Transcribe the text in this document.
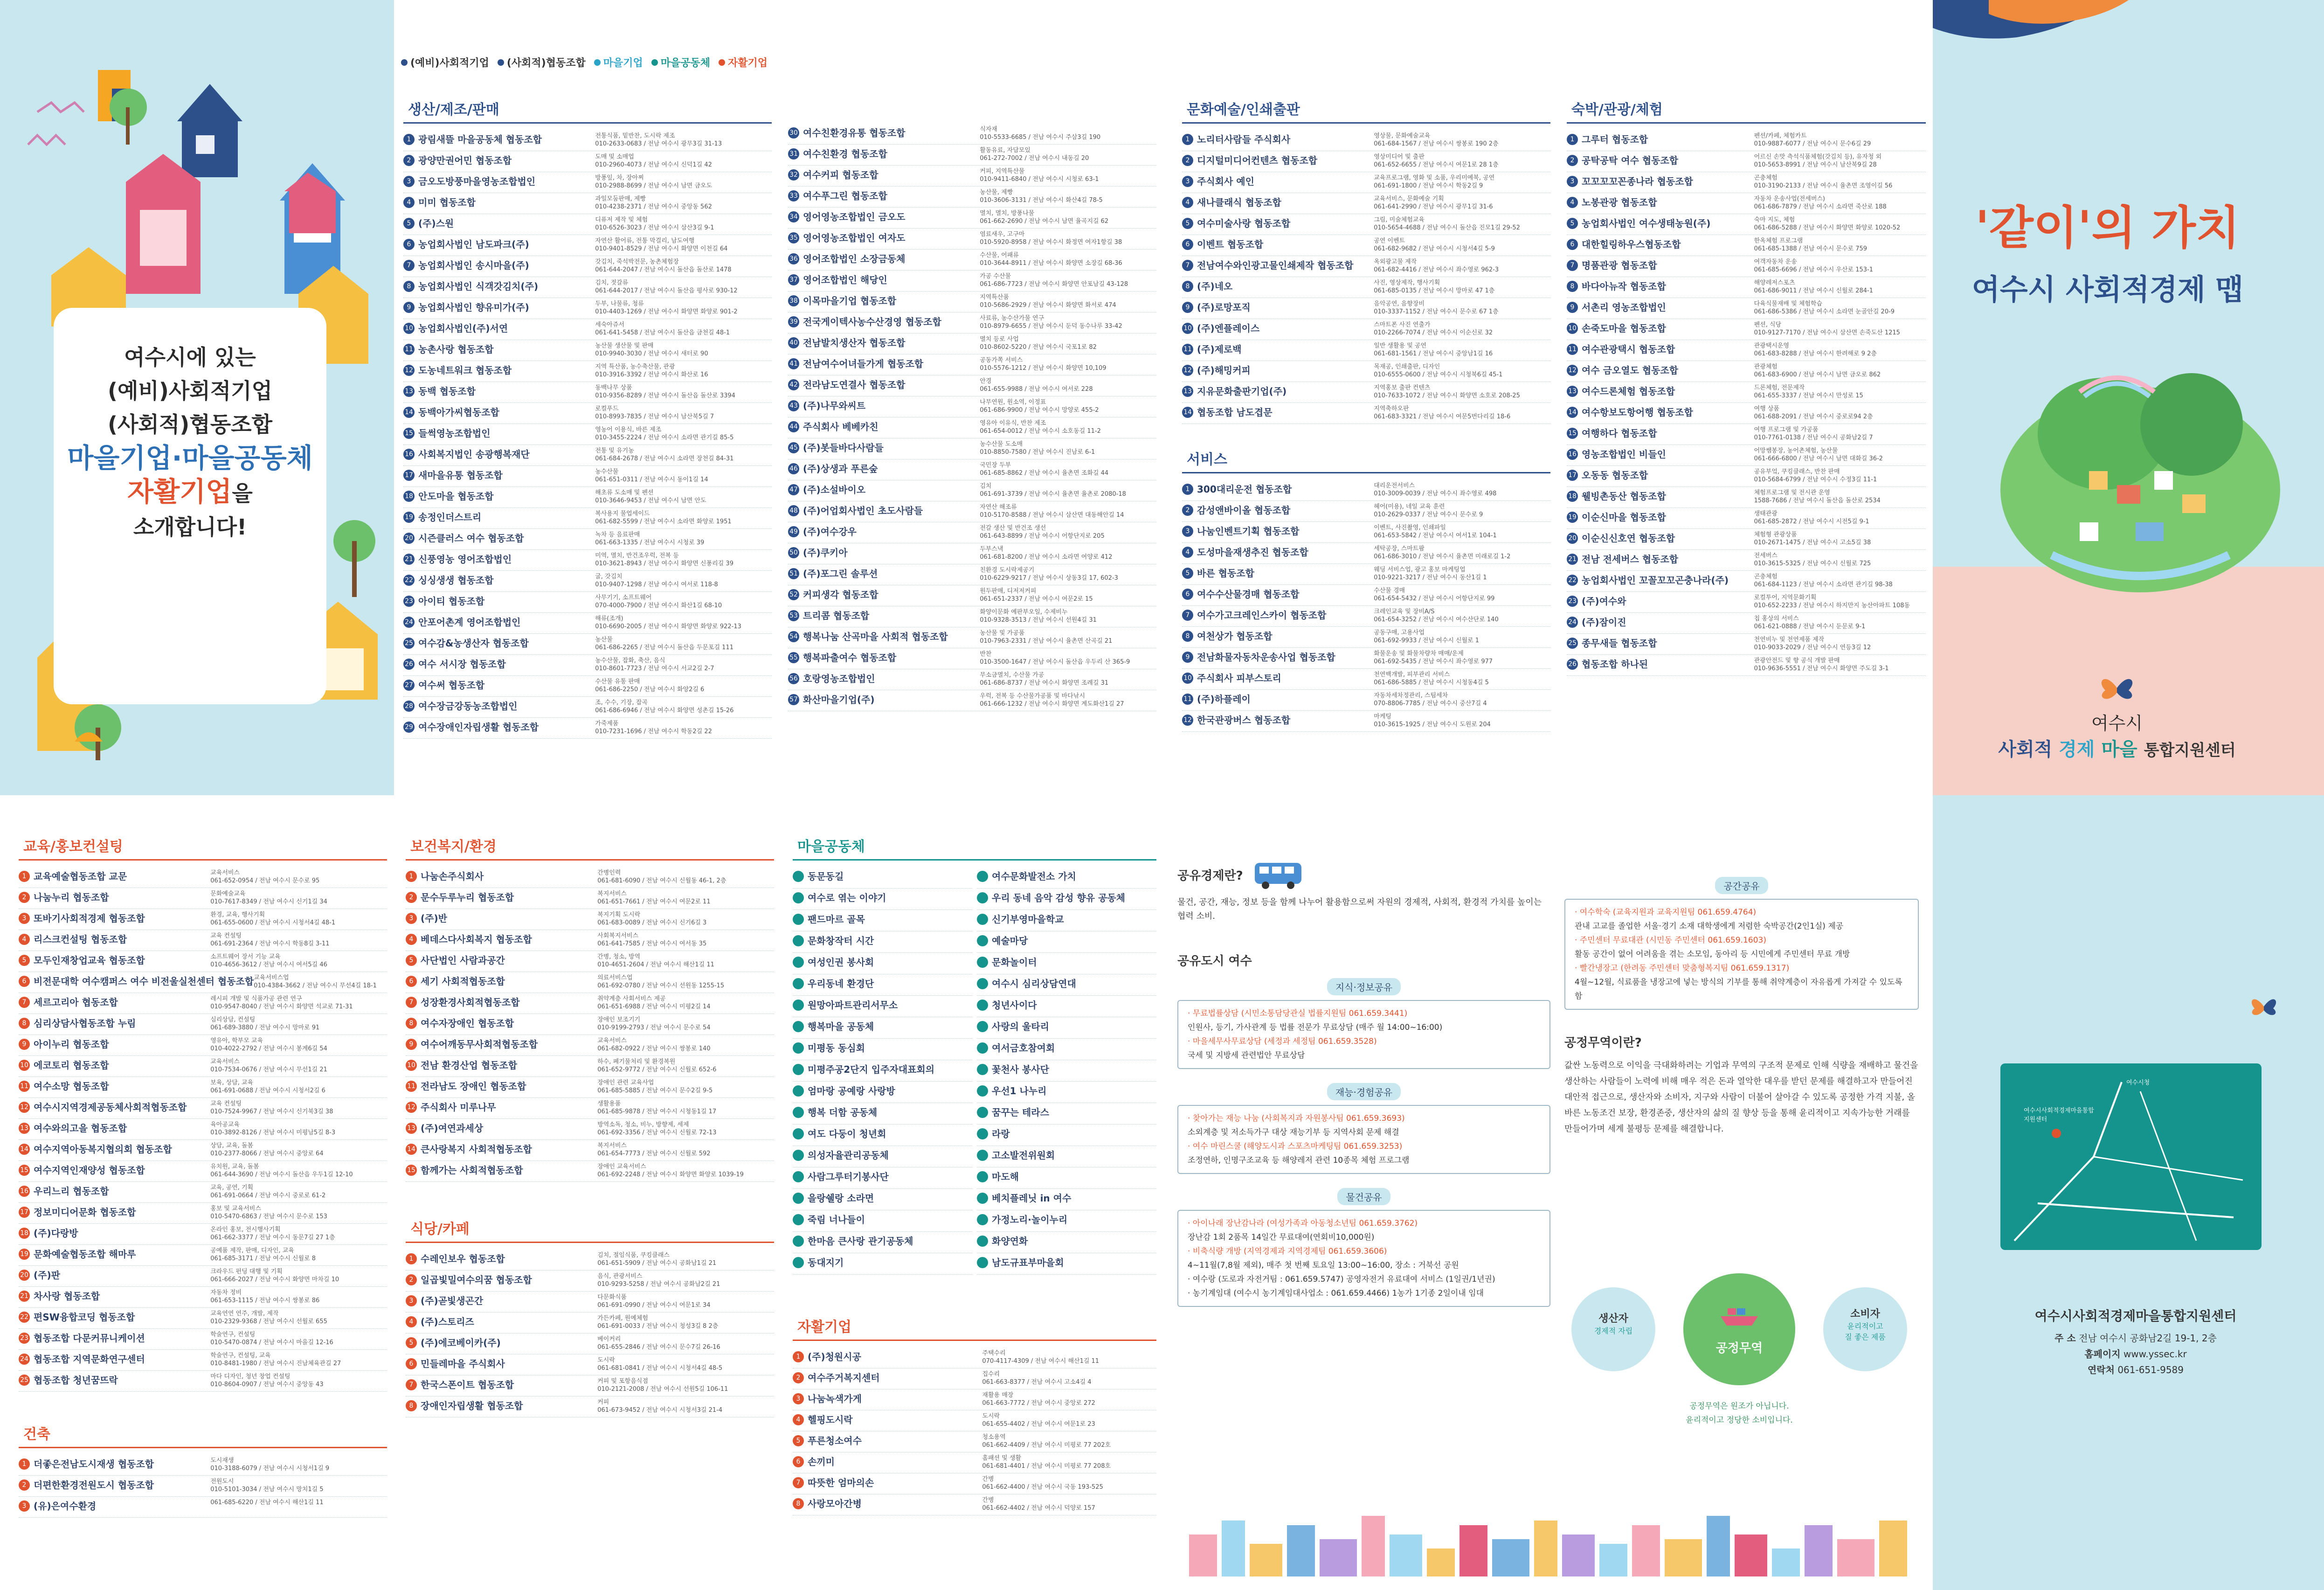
여수시에 있는
(예비)사회적기업
(사회적)협동조합
마을기업·마을공동체
자활기업을
소개합니다!
(예비)사회적기업 (사회적)협동조합 마을기업 마을공동체 자활기업
생산/제조/판매
1 광림새뜰 마을공동체 협동조합	전통식품, 밑반찬, 도시락 제조
010-2633-0683 / 전남 여수시 광무3길 31-13
2 광양만권어민 협동조합	도매 및 소매업
010-2960-4073 / 전남 여수시 신덕1길 42
3 금오도방풍마을영농조합법인	방풍잎, 차, 장아찌
010-2988-8699 / 전남 여수시 남면 금오도
4 미미 협동조합	과일모둠판매, 제빵
010-4238-2371 / 전남 여수시 중앙동 562
5 (주)스원	디퓨저 제작 및 체험
010-6526-3023 / 전남 여수시 삼산3길 9-1
6 농업회사법인 남도파크(주)	자연산 활어류, 전통 막걸리, 남도여행
010-9401-8529 / 전남 여수시 화양면 이천길 64
7 농업회사법인 송시마을(주)	갓김치, 죽석박전문, 농촌체험장
061-644-2047 / 전남 여수시 돌산읍 돌산로 1478
8 농업회사법인 식객갓김치(주)	김치, 젓갈류
061-644-2017 / 전남 여수시 돌산읍 평사로 930-12
9 농업회사법인 향유미가(주)	두부, 나물류, 청류
010-4403-1269 / 전남 여수시 화양면 화양로 901-2
10 농업회사법인(주)서연	세숙아쥬서
061-641-5458 / 전남 여수시 돌산읍 금천길 48-1
11 농촌사랑 협동조합	농산물 생산물 및 판매
010-9940-3030 / 전남 여수시 새터로 90
12 도농네트워크 협동조합	지역 특산품, 농수축산물, 관광
010-3916-3392 / 전남 여수시 화산로 16
13 동백 협동조합	동백나무 상품
010-9356-8289 / 전남 여수시 돌산읍 돌산로 3394
14 동백아가씨협동조합	로컬푸드
010-8993-7835 / 전남 여수시 남산북5길 7
15 들썩영농조합법인	영농어 이용식, 바른 제조
010-3455-2224 / 전남 여수시 소라면 관기길 85-5
16 사회복지법인 송광행복재단	전통 및 유기농
061-684-2678 / 전남 여수시 소라면 장천길 84-31
17 새마을유통 협동조합	농수산물
061-651-0311 / 전남 여수시 동이1길 14
18 안도마을 협동조합	해초류 도소매 및 펜션
010-3646-9453 / 전남 여수시 남면 안도
19 송정인더스트리	복사용지 물업세이드
061-682-5599 / 전남 여수시 소라면 화양로 1951
20 시즌클러스 여수 협동조합	녹차 등 음료판매
061-663-1335 / 전남 여수시 시청로 39
21 신풍영농 영어조합법인	미역, 멸치, 반건조우럭, 전복 등
010-3621-8943 / 전남 여수시 화양면 신풍리길 39
22 싱싱생생 협동조합	굴, 갓김치
010-9407-1298 / 전남 여수시 여서로 118-8
23 아이티 협동조합	사무기기, 소프트웨어
070-4000-7900 / 전남 여수시 화산1길 68-10
24 안포어촌계 영어조합법인	해류(조개)
010-6690-2005 / 전남 여수시 화양면 화양로 922-13
25 여수감&농생산자 협동조합	농산물
061-686-2265 / 전남 여수시 돌산읍 두문포길 111
26 여수 서시장 협동조합	농수산물, 잡화, 축산, 음식
010-8601-7723 / 전남 여수시 서교2길 2-7
27 여수써 협동조합	수산물 유통 판매
061-686-2250 / 전남 여수시 화양2길 6
28 여수장금강동농조합법인	조, 수수, 기장, 잡곡
061-686-6946 / 전남 여수시 화양면 성촌길 15-26
29 여수장애인자립생활 협동조합	가죽제품
010-7231-1696 / 전남 여수시 학동2길 22
30 여수친환경유통 협동조합	식자재
010-5533-6685 / 전남 여수시 주삼3길 190
31 여수친환경 협동조합	활동유료, 자담모있
061-272-7002 / 전남 여수시 내동길 20
32 여수커피 협동조합	커피, 지역특산물
010-9411-6840 / 전남 여수시 시청로 63-1
33 여수푸그린 협동조합	농산물, 제빵
010-3606-3131 / 전남 여수시 화산4길 78-5
34 영어영농조합법인 금오도	멸치, 멸치, 방풍나물
061-662-2690 / 전남 여수시 남면 율곡지길 62
35 영어영농조합법인 여자도	염료새우, 고구마
010-5920-8958 / 전남 여수시 화정면 여자1항길 38
36 영어조합법인 소장금동체	수산물, 어패류
010-3644-8911 / 전남 여수시 화양면 소장길 68-36
37 영어조합법인 해당인	가공 수산물
061-686-7723 / 전남 여수시 화양면 안포남길 43-128
38 이목마을기업 협동조합	지역특산품
010-5686-2929 / 전남 여수시 화양면 화서로 474
39 전국게이텍사농수산경영 협동조합	사료류, 농수산가물 연구
010-8979-6655 / 전남 여수시 둔덕 동수나루 33-42
40 전남발치생산자 협동조합	멸치 등로 사업
010-8602-5220 / 전남 여수시 국포1로 82
41 전남여수어녀들가게 협동조합	공동가쪽 서비스
010-5576-1212 / 전남 여수시 화양면 10,109
42 전라남도연결사 협동조합	안경
061-655-9988 / 전남 여수시 여서로 228
43 (주)나무와씨트	나무연원, 원소역, 이정표
061-686-9900 / 전남 여수시 망양로 455-2
44 주식회사 베베카친	영유아 이유식, 반찬 제조
061-654-0012 / 전남 여수시 소호동길 11-2
45 (주)봇들바다사람들	농수산물 도소매
010-8850-7580 / 전남 여수시 진남로 6-1
46 (주)상생과 푸른숲	국민장 두부
061-685-8862 / 전남 여수시 율촌면 조화길 44
47 (주)소설바이오	김치
061-691-3739 / 전남 여수시 율촌면 율촌로 2080-18
48 (주)어업회사법인 초도사람들	자연산 해조류
010-5170-8588 / 전남 여수시 삼산면 대동해안길 14
49 (주)여수강우	전갈 생산 및 반건조 생선
061-643-8899 / 전남 여수시 어항단지로 205
50 (주)쿠키아	두부스낵
061-681-8200 / 전남 여수시 소라면 여양로 412
51 (주)포그린 솔루션	친환경 도시락제공기
010-6229-9217 / 전남 여수시 상동3길 17, 602-3
52 커피생각 협동조합	원두판매, 디저저커피
061-651-2337 / 전남 여수시 여문2로 15
53 트리콤 협동조합	화양이문화 예판부오일, 수제비누
010-9328-3513 / 전남 여수시 선원4길 31
54 행복나눔 산곡마을 사회적 협동조합	농산물 및 가공품
010-7963-2331 / 전남 여수시 율촌면 산곡길 21
55 행복파출여수 협동조합	반찬
010-3500-1647 / 전남 여수시 돌산읍 우두리 산 365-9
56 호랑영농조합법인	무소금멸치, 수산물 가공
061-686-8737 / 전남 여수시 화양면 조례길 31
57 화산마을기업(주)	우럭, 전복 등 수산물가공품 및 바다낚시
061-666-1232 / 전남 여수시 화양면 계도화산1길 27
문화예술/인쇄출판
1 노리터사람들 주식회사	영상물, 문화예술교육
061-684-1567 / 전남 여수시 쌍봉로 190 2층
2 디지털미디어컨텐츠 협동조합	영상미디어 및 출판
061-652-6655 / 전남 여수시 여문1로 28 1층
3 주식회사 예인	교육프로그램, 영화 및 소품, 우리미예북, 공연
061-691-1800 / 전남 여수시 학동2길 9
4 새나클래식 협동조합	교육서비스, 문화예술 기획
061-641-2990 / 전남 여수시 광무1길 31-6
5 여수미술사랑 협동조합	그림, 미술체험교육
010-5654-4688 / 전남 여수시 돌산읍 진모1길 29-52
6 이벤트 협동조합	공연 이벤트
061-682-9682 / 전남 여수시 시청서4길 5-9
7 전남여수와인광고물인쇄제작 협동조합	옥외광고물 제작
061-682-4416 / 전남 여수시 좌수영로 962-3
8 (주)네오	사진, 영상제작, 행사기획
061-685-0135 / 전남 여수시 망마로 47 1층
9 (주)로망포직	음악공연, 음향장비
010-3337-1152 / 전남 여수시 문수로 67 1층
10 (주)엔플레이스	스마트폰 사진 연출가
010-2266-7074 / 전남 여수시 이순신로 32
11 (주)제로백	일반 생활용 및 공연
061-681-1561 / 전남 여수시 중앙남1길 16
12 (주)해밍커피	목재공, 인쇄출판, 디자인
010-6555-0600 / 전남 여수시 시청북6길 45-1
13 지유문화출판기업(주)	지역홍보 출판 컨텐츠
010-7633-1072 / 전남 여수시 화양면 소호로 208-25
14 협동조합 남도겹문	지역축하오판
061-683-3321 / 전남 여수시 여문5번다리길 18-6
서비스
1 300대리운전 협동조합	대리운전서비스
010-3009-0039 / 전남 여수시 좌수영로 498
2 감성앤바이올 협동조합	헤어(미용), 네일 교육 훈련
010-2629-0337 / 전남 여수시 문수로 9
3 나눔인벤트기획 협동조합	이벤트, 사진촬영, 인쇄파일
061-653-5842 / 전남 여수시 여서1로 104-1
4 도성마을재생추진 협동조합	세탁공장, 스마트팜
061-686-3010 / 전남 여수시 율촌면 미래로길 1-2
5 바른 협동조합	웨딩 서비스업, 광고 홍보 마케팅업
010-9221-3217 / 전남 여수시 동산1길 1
6 여수수산물경매 협동조합	수산물 경매
061-654-5432 / 전남 여수시 어항단지로 99
7 여수가고크레인스카이 협동조합	크레인교육 및 장비A/S
061-654-3252 / 전남 여수시 여수산단로 140
8 여천상가 협동조합	공동구매, 고용사업
061-692-9933 / 전남 여수시 신월로 1
9 전남화물자동차운송사업 협동조합	화물운송 및 화물차량차 매매/운제
061-692-5435 / 전남 여수시 좌수영로 977
10 주식회사 피부스토리	천연백개발, 피부관리 서비스
061-686-5885 / 전남 여수시 시청동4길 5
11 (주)하플레이	자동차세차정관리, 스팀세차
070-8806-7785 / 전남 여수시 중산7길 4
12 한국관광버스 협동조합	마케팅
010-3615-1925 / 전남 여수시 도원로 204
숙박/관광/체험
1 그루터 협동조합	펜션/카페, 체험카트
010-9887-6077 / 전남 여수시 문수6길 29
2 공탁공탁 여수 협동조합	어르신 손맛 측석식품체험(갓김치 등), 유자청 외
010-5653-8991 / 전남 여수시 남산북9길 28
3 꼬꼬꼬꼬꼰종나라 협동조합	곤충체험
010-3190-2133 / 전남 여수시 율촌면 조영이길 56
4 노봉관광 협동조합	자동차 운송사업(전세버스)
061-686-7879 / 전남 여수시 소라면 죽산로 188
5 농업회사법인 여수생태농원(주)	숙마 지도, 체험
061-686-5288 / 전남 여수시 화양면 화양로 1020-52
6 대한힐링하우스협동조합	한옥체험 프로그램
061-685-1388 / 전남 여수시 문수로 759
7 명품관광 협동조합	여객자동차 운송
061-685-6696 / 전남 여수시 우산로 153-1
8 바다아뉴작 협동조합	해양레저스포츠
061-686-9011 / 전남 여수시 신월로 284-1
9 서촌리 영농조합법인	다육식물재배 및 체험학습
061-686-5386 / 전남 여수시 소라면 눈골안길 20-9
10 손죽도마을 협동조합	펜션, 식당
010-9127-7170 / 전남 여수시 삼산면 손죽도산 1215
11 여수관광택시 협동조합	관광택시운영
061-683-8288 / 전남 여수시 한려해로 9 2층
12 여수 금오열도 협동조합	관광체험
061-683-6900 / 전남 여수시 남면 금오로 862
13 여수드론체험 협동조합	드론체험, 전문제작
061-655-3337 / 전남 여수시 만성로 15
14 여수항보도항어행 협동조합	여행 상품
061-688-2091 / 전남 여수시 중로로94 2층
15 여행하다 협동조합	여행 프로그램 및 가공품
010-7761-0138 / 전남 여수시 공화남2길 7
16 영농조합법인 비들인	어망쌤봉장, 농어촌체험, 농산물
061-666-6800 / 전남 여수시 남면 대화길 36-2
17 오동동 협동조합	공유부엌, 쿠킹클래스, 반찬 판매
010-5684-6799 / 전남 여수시 수정3길 11-1
18 웰빙촌동산 협동조합	체험프로그램 및 전시관 운영
1588-7686 / 전남 여수시 돌산읍 돌산로 2534
19 이순신마을 협동조합	생태관광
061-685-2872 / 전남 여수시 시전5길 9-1
20 이순신신호연 협동조합	체험형 관광상품
010-2671-1475 / 전남 여수시 고소5길 38
21 전남 전세버스 협동조합	전세버스
010-3615-5325 / 전남 여수시 신월로 725
22 농업회사법인 꼬꼴꼬꼬곤충나라(주)	곤충체험
061-684-1123 / 전남 여수시 소라면 관기길 98-38
23 (주)여수와	로컬투어, 지역문화기획
010-652-2233 / 전남 여수시 하지만지 농산아파트 108동
24 (주)잠이진	칩 홍상의 서비스
061-621-0888 / 전남 여수시 둔문로 9-1
25 종무새들 협동조합	천연비누 및 천연제품 제작
010-9033-2029 / 전남 여수시 연등3길 12
26 협동조합 하나된	관광안전드 및 향 공식 개발 판매
010-9636-5551 / 전남 여수시 화양면 주도길 3-1
교육/홍보컨설팅
1 교육예술협동조합 교문	교육서비스
061-652-0954 / 전남 여수시 문수로 95
2 나눔누리 협동조합	문화예술교육
010-7617-8349 / 전남 여수시 신기1길 34
3 또바기사회적경제 협동조합	환경, 교육, 행사기획
061-655-0600 / 전남 여수시 시청서4길 48-1
4 리스크컨설팅 협동조합	교육 컨설팅
061-691-2364 / 전남 여수시 학동8길 3-11
5 모두인재창업교육 협동조합	소프트웨어 장서 기능 교육
010-4656-3612 / 전남 여수시 여서5길 46
6 비전문대학 여수캠퍼스 여수 비전울실천센터 협동조합 교육서비스업
010-4384-3662 / 전남 여수시 무선4길 18-1
7 세르고리아 협동조합	레시피 개발 및 식품가공 관련 연구
010-9547-8040 / 전남 여수시 화양면 석교로 71-31
8 심리상담사협동조합 누림	심리상담, 컨설팅
061-689-3880 / 전남 여수시 망마로 91
9 아이누리 협동조합	영유아, 학부모 교육
010-4022-2792 / 전남 여수시 봉계6길 54
10 에코토리 협동조합	교육서비스
010-7534-0676 / 전남 여수시 무선1길 21
11 여수소망 협동조합	보육, 상담, 교육
061-691-0688 / 전남 여수시 시청서2길 6
12 여수시지역경제공동체사회적협동조합	교육 컨설팅
010-7524-9967 / 전남 여수시 신기북3길 38
13 여수와의고을 협동조합	육아공교육
010-3892-8126 / 전남 여수시 미평남5길 8-3
14 여수지역아동복지협의회 협동조합	상담, 교육, 돌봄
010-2377-8066 / 전남 여수시 중앙로 64
15 여수지역인재양성 협동조합	유치원, 교육, 돌봄
061-644-3690 / 전남 여수시 돌산읍 우두1길 12-10
16 우리느리 협동조합	교육, 공연, 기획
061-691-0664 / 전남 여수시 중로로 61-2
17 정보미디어문화 협동조합	홍보 및 교육서비스
010-5470-6863 / 전남 여수시 문수로 153
18 (주)다랑방	온라인 홍보, 전시행사기획
061-662-3377 / 전남 여수시 동문7길 27 1층
19 문화예술협동조합 해마루	공예품 제작, 판매, 디자인, 교육
061-685-3171 / 전남 여수시 신월로 8
20 (주)판	크라우드 펀딩 대행 및 기획
061-666-2027 / 전남 여수시 화양면 마차길 10
21 차사랑 협동조합	자동차 정비
061-653-1115 / 전남 여수시 쌍봉로 86
22 편SW융합코딩 협동조합	교육연연 연주, 개발, 제작
010-2329-9368 / 전남 여수시 선월로 655
23 협동조합 다문커뮤니케이션	학술연구, 컨설팅
010-5470-0874 / 전남 여수시 마을길 12-16
24 협동조합 지역문화연구센터	학술연구, 컨설팅, 교육
010-8481-1980 / 전남 여수시 진남체육관길 27
25 협동조합 청년꿈뜨락	마다 디자인, 청년 창업 컨설팅
010-8604-0907 / 전남 여수시 중앙동 43
건축
1 더좋은전남도시재생 협동조합	도시재생
010-3188-6079 / 전남 여수시 시청서1길 9
2 더편한환경전원도시 협동조합	전원도시
010-5101-3034 / 전남 여수시 망치1길 5
3 (유)은여수환경	061-685-6220 / 전남 여수시 해산1길 11
보건복지/환경
1 나눔손주식회사	간병인력
061-681-6090 / 전남 여수시 신월동 46-1, 2층
2 문수두루누리 협동조합	복지서비스
061-651-7661 / 전남 여수시 여문2로 11
3 (주)반	복지기획 도시락
061-683-0089 / 전남 여수시 신기6길 3
4 베데스다사회복지 협동조합	사회복지서비스
061-641-7585 / 전남 여수시 여서동 35
5 사단법인 사람과공간	간병, 청소, 방역
010-4651-2604 / 전남 여수시 해산1길 11
6 세기 사회적협동조합	의료서비스업
061-692-0780 / 전남 여수시 선원동 1255-15
7 성장환경사회적협동조합	취약계층 사회서비스 제공
061-651-6988 / 전남 여수시 미평2길 14
8 여수자장애인 협동조합	장애인 보조기기
010-9199-2793 / 전남 여수시 문수로 54
9 여수어깨동무사회적협동조합	교육서비스
061-682-0922 / 전남 여수시 쌍봉로 140
10 전남 환경산업 협동조합	하수, 폐기물처리 및 환경복원
061-652-9772 / 전남 여수시 신월로 652-6
11 전라남도 장애인 협동조합	장애인 관련 교육사업
061-685-5885 / 전남 여수시 문수2길 9-5
12 주식회사 미루나무	생활용품
061-685-9878 / 전남 여수시 시청동1길 17
13 (주)여연과세상	방역소독, 청소, 비누, 방향제, 세제
061-692-3356 / 전남 여수시 신월로 72-13
14 큰사랑복지 사회적협동조합	복지서비스
061-654-7773 / 전남 여수시 신월로 592
15 함께가는 사회적협동조합	장애인 교육서비스
061-692-2248 / 전남 여수시 화양면 화양로 1039-19
식당/카페
1 수레인보우 협동조합	김치, 절임식품, 쿠킹클래스
061-651-5909 / 전남 여수시 공화남1길 21
2 일곱빛밀여수의꿈 협동조합	음식, 관광서비스
010-9293-5258 / 전남 여수시 공화남2길 21
3 (주)곧빛생곤간	다문화식품
061-691-0990 / 전남 여수시 여문1로 34
4 (주)스토리즈	가든카페, 원예체험
061-691-0033 / 전남 여수시 청성3길 8 2층
5 (주)에코베이카(주)	베이커리
061-655-2846 / 전남 여수시 문수7길 26-16
6 민들레마을 주식회사	도시락
061-681-0841 / 전남 여수시 시청서4길 48-5
7 한국스폰이트 협동조합	커피 및 포항음식점
010-2121-2008 / 전남 여수시 선원5길 106-11
8 장애인자립생활 협동조합	커피
061-673-9452 / 전남 여수시 시청서3길 21-4
마을공동체
동문동길
여수로 엮는 이야기
팬드마르 골목
문화창작터 시간
여성인권 봉사회
우리동네 환경단
원망아파트관리서무소
행복마을 공동체
미평동 동심회
미평주공2단지 입주자대표회의
엄마랑 공예랑 사랑방
행복 더함 공동체
여도 다둥이 청년회
의성자율관리공동체
사람그루터기봉사단
을랑쉘랑 소라면
죽림 너나들이
한마음 큰사랑 관기공동체
동대지기
여수문화발전소 가치
우리 동네 음악 감성 향유 공동체
신기부영마을학교
예술마당
문화놀이터
여수시 심리상담연대
청년사이다
사랑의 울타리
여서금호참여회
꽃천사 봉사단
우선1 나누리
꿈꾸는 테라스
라랑
고소발전위원회
마도해
베치플레닛 in 여수
가정노리·놀이누리
화양연화
남도규표부마을회
자활기업
1 (주)청원시공	주택수리
070-4117-4309 / 전남 여수시 해산1길 11
2 여수주거복지센터	집수리
061-663-8377 / 전남 여수시 고소4길 4
3 나눔녹색가게	재활용 매장
061-663-7772 / 전남 여수시 중앙로 272
4 헬핑도시락	도시락
061-655-4402 / 전남 여수시 여문1로 23
5 푸른청소여수	청소용역
061-662-4409 / 전남 여수시 미평로 77 202호
6 손끼미	홈패션 및 생활
061-681-4401 / 전남 여수시 미평로 77 208호
7 따뜻한 엄마의손	간병
061-662-4400 / 전남 여수시 국동 193-525
8 사랑모아간병	간병
061-662-4402 / 전남 여수시 덕양로 157
'같이'의 가치
여수시 사회적경제 맵
여수시
사회적 경제 마을 통합지원센터
공유경제란?
물건, 공간, 재능, 정보 등을 함께 나누어 활용함으로써 자원의 경제적, 사회적, 환경적 가치를 높이는 협력 소비.
공유도시 여수
지식·정보공유
· 무료법률상담 (시민소통담당관실 법률지원팀 061.659.3441)
인원사, 등기, 가사관계 등 법률 전문가 무료상담 (매주 월 14:00~16:00)
· 마을세무사무료상담 (세정과 세정팀 061.659.3528)
국세 및 지방세 관련법안 무료상담
재능·경험공유
· 찾아가는 재능 나눔 (사회복지과 자원봉사팀 061.659.3693)
소외계층 및 저소득가구 대상 재능기부 등 지역사회 문제 해결
· 여수 마린스쿨 (해양도시과 스포츠마케팅팀 061.659.3253)
조정연하, 인명구조교육 등 해양레저 관련 10종목 체험 프로그램
물건공유
· 아이나래 장난감나라 (여성가족과 아동청소년팀 061.659.3762)
장난감 1회 2품목 14일간 무료대여(연회비10,000원)
· 비축식량 개방 (지역경제과 지역경제팀 061.659.3606)
4~11월(7,8월 제외), 매주 첫 번째 토요일 13:00~16:00, 장소 : 거북선 공원
· 여수랑 (도로과 자전거팀 : 061.659.5747) 공영자전거 유료대여 서비스 (1일권/1년권)
· 농기계임대 (여수시 농기계임대사업소 : 061.659.4466) 1농가 1기종 2일이내 임대
공간공유
· 여수학숙 (교육지원과 교육지원팀 061.659.4764)
관내 고교를 졸업한 서울·경기 소재 대학생에게 저렴한 숙박공간(2인1실) 제공
· 주민센터 무료대관 (시민동 주민센터 061.659.1603)
활동 공간이 없어 어려움을 겪는 소모임, 동아리 등 시민에게 주민센터 무료 개방
· 빨간냉장고 (한려동 주민센터 맞춤형복지팀 061.659.1317)
4월~12월, 식료품을 냉장고에 넣는 방식의 기부를 통해 취약계층이 자유롭게 가져갈 수 있도록 함
공정무역이란?
값싼 노동력으로 이익을 극대화하려는 기업과 무역의 구조적 문제로 인해 식량을 재배하고 물건을 생산하는 사람들이 노력에 비해 매우 적은 돈과 열악한 대우를 받던 문제를 해결하고자 만들어진 대안적 접근으로, 생산자와 소비자, 지구와 사람이 더불어 살아갈 수 있도록 공정한 가격 지불, 올바른 노동조건 보장, 환경존중, 생산자의 삶의 질 향상 등을 통해 윤리적이고 지속가능한 거래를 만들어가며 세계 불평등 문제를 해결합니다.
생산자
경제적 자립
공정무역
소비자
윤리적이고
질 좋은 제품
공정무역은 원조가 아닙니다.
윤리적이고 정당한 소비입니다.
여수시사회적경제마을통합지원센터
여수시청
여수시사회적경제마을통합지원센터
주 소 전남 여수시 공화남2길 19-1, 2층
홈페이지 www.yssec.kr
연락처 061-651-9589
